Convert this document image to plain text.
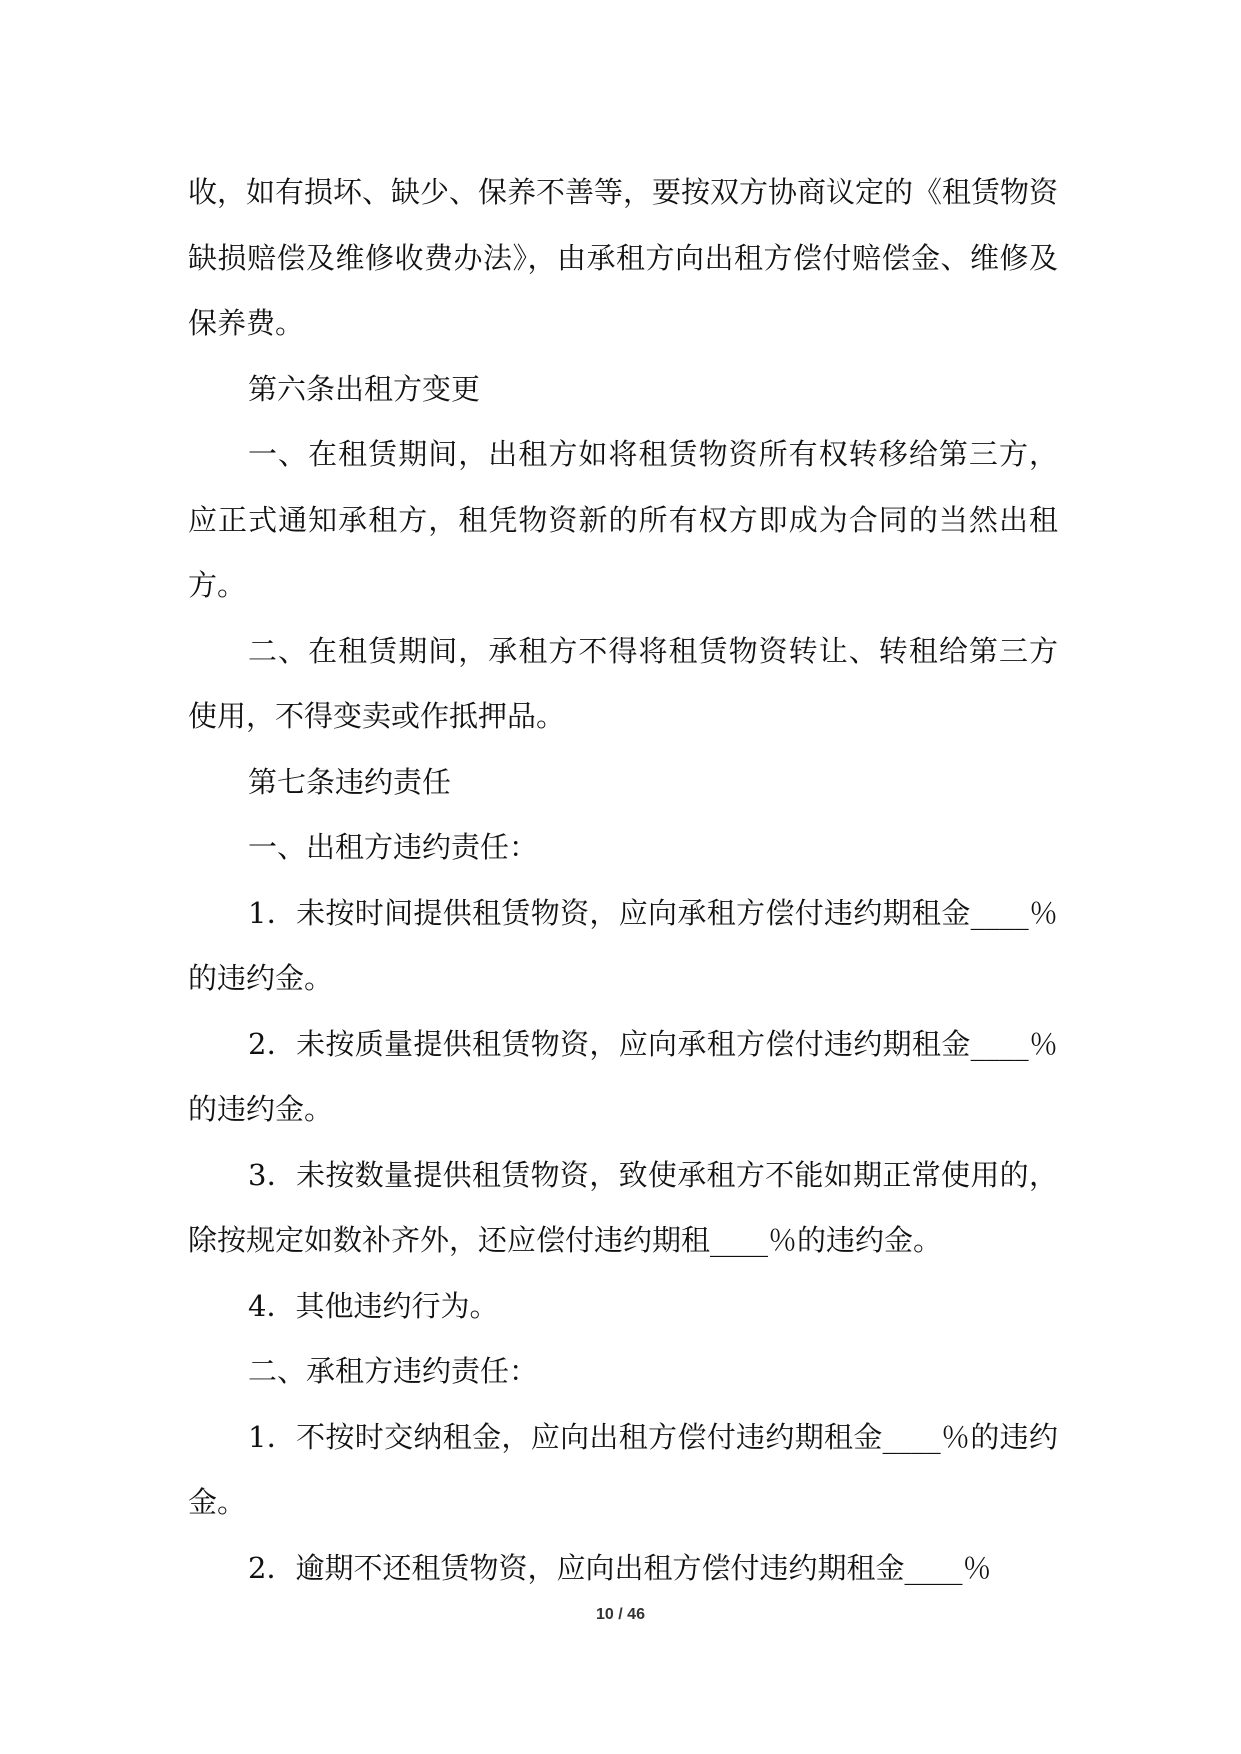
收，如有损坏、缺少、保养不善等，要按双方协商议定的《租赁物资缺损赔偿及维修收费办法》，由承租方向出租方偿付赔偿金、维修及保养费。

第六条出租方变更

一、在租赁期间，出租方如将租赁物资所有权转移给第三方，应正式通知承租方，租凭物资新的所有权方即成为合同的当然出租方。

二、在租赁期间，承租方不得将租赁物资转让、转租给第三方使用，不得变卖或作抵押品。

第七条违约责任

一、出租方违约责任：

1．未按时间提供租赁物资，应向承租方偿付违约期租金____％的违约金。

2．未按质量提供租赁物资，应向承租方偿付违约期租金____％的违约金。

3．未按数量提供租赁物资，致使承租方不能如期正常使用的，除按规定如数补齐外，还应偿付违约期租____％的违约金。

4．其他违约行为。

二、承租方违约责任：

1．不按时交纳租金，应向出租方偿付违约期租金____％的违约金。

2．逾期不还租赁物资，应向出租方偿付违约期租金____％

10 / 46
